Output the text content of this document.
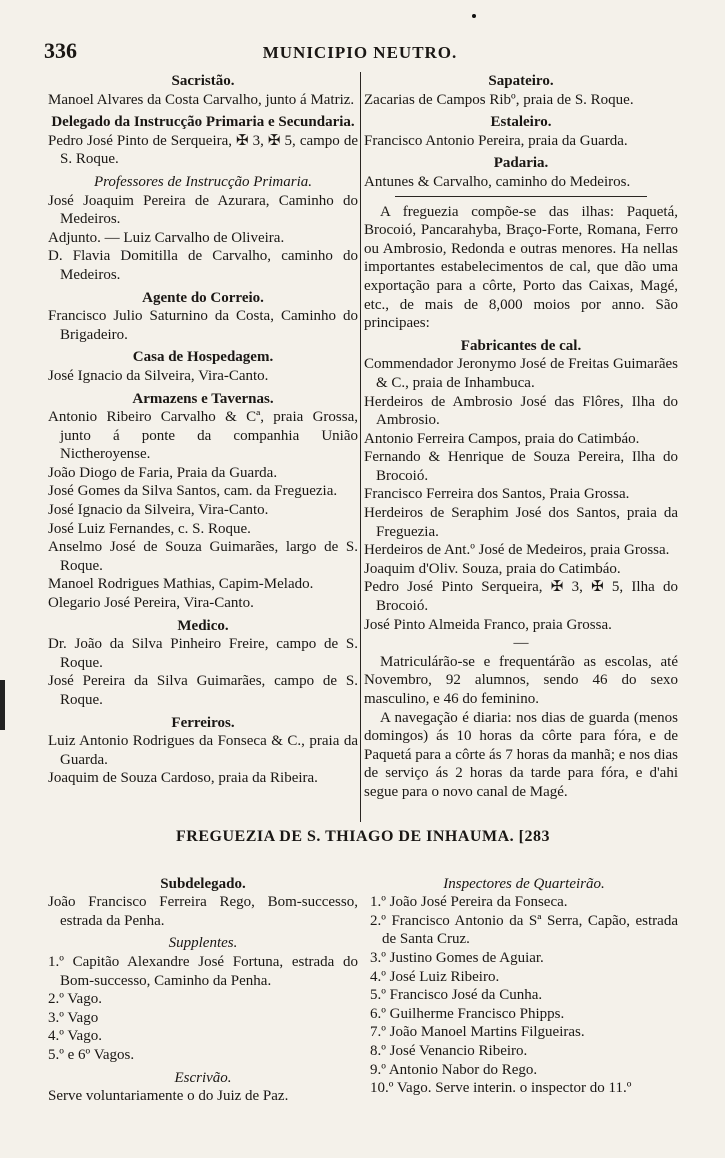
336	MUNICIPIO NEUTRO.
Sacristão.
Manoel Alvares da Costa Carvalho, junto á Matriz.
Delegado da Instrucção Primaria e Secundaria.
Pedro José Pinto de Serqueira, ✠ 3, ✠ 5, campo de S. Roque.
Professores de Instrucção Primaria.
José Joaquim Pereira de Azurara, Caminho do Medeiros.
Adjunto. — Luiz Carvalho de Oliveira.
D. Flavia Domitilla de Carvalho, caminho do Medeiros.
Agente do Correio.
Francisco Julio Saturnino da Costa, Caminho do Brigadeiro.
Casa de Hospedagem.
José Ignacio da Silveira, Vira-Canto.
Armazens e Tavernas.
Antonio Ribeiro Carvalho & Cª, praia Grossa, junto á ponte da companhia União Nictheroyense.
João Diogo de Faria, Praia da Guarda.
José Gomes da Silva Santos, cam. da Freguezia.
José Ignacio da Silveira, Vira-Canto.
José Luiz Fernandes, c. S. Roque.
Anselmo José de Souza Guimarães, largo de S. Roque.
Manoel Rodrigues Mathias, Capim-Melado.
Olegario José Pereira, Vira-Canto.
Medico.
Dr. João da Silva Pinheiro Freire, campo de S. Roque.
José Pereira da Silva Guimarães, campo de S. Roque.
Ferreiros.
Luiz Antonio Rodrigues da Fonseca & C., praia da Guarda.
Joaquim de Souza Cardoso, praia da Ribeira.
Sapateiro.
Zacarias de Campos Ribº, praia de S. Roque.
Estaleiro.
Francisco Antonio Pereira, praia da Guarda.
Padaria.
Antunes & Carvalho, caminho do Medeiros.
A freguezia compõe-se das ilhas: Paquetá, Brocoió, Pancarahyba, Braço-Forte, Romana, Ferro ou Ambrosio, Redonda e outras menores. Ha nellas importantes estabelecimentos de cal, que dão uma exportação para a côrte, Porto das Caixas, Magé, etc., de mais de 8,000 moios por anno. São principaes:
Fabricantes de cal.
Commendador Jeronymo José de Freitas Guimarães & C., praia de Inhambuca.
Herdeiros de Ambrosio José das Flôres, Ilha do Ambrosio.
Antonio Ferreira Campos, praia do Catimbáo.
Fernando & Henrique de Souza Pereira, Ilha do Brocoió.
Francisco Ferreira dos Santos, Praia Grossa.
Herdeiros de Seraphim José dos Santos, praia da Freguezia.
Herdeiros de Ant.º José de Medeiros, praia Grossa.
Joaquim d'Oliv. Souza, praia do Catimbáo.
Pedro José Pinto Serqueira, ✠ 3, ✠ 5, Ilha do Brocoió.
José Pinto Almeida Franco, praia Grossa.
—
Matriculárão-se e frequentárão as escolas, até Novembro, 92 alumnos, sendo 46 do sexo masculino, e 46 do feminino.
A navegação é diaria: nos dias de guarda (menos domingos) ás 10 horas da côrte para fóra, e de Paquetá para a côrte ás 7 horas da manhã; e nos dias de serviço ás 2 horas da tarde para fóra, e d'ahi segue para o novo canal de Magé.
FREGUEZIA DE S. THIAGO DE INHAUMA. [283
Subdelegado.
João Francisco Ferreira Rego, Bom-successo, estrada da Penha.
Supplentes.
1.º Capitão Alexandre José Fortuna, estrada do Bom-successo, Caminho da Penha.
2.º Vago.
3.º Vago
4.º Vago.
5.º e 6º Vagos.
Escrivão.
Serve voluntariamente o do Juiz de Paz.
Inspectores de Quarteirão.
1.º João José Pereira da Fonseca.
2.º Francisco Antonio da Sª Serra, Capão, estrada de Santa Cruz.
3.º Justino Gomes de Aguiar.
4.º José Luiz Ribeiro.
5.º Francisco José da Cunha.
6.º Guilherme Francisco Phipps.
7.º João Manoel Martins Filgueiras.
8.º José Venancio Ribeiro.
9.º Antonio Nabor do Rego.
10.º Vago. Serve interin. o inspector do 11.º
